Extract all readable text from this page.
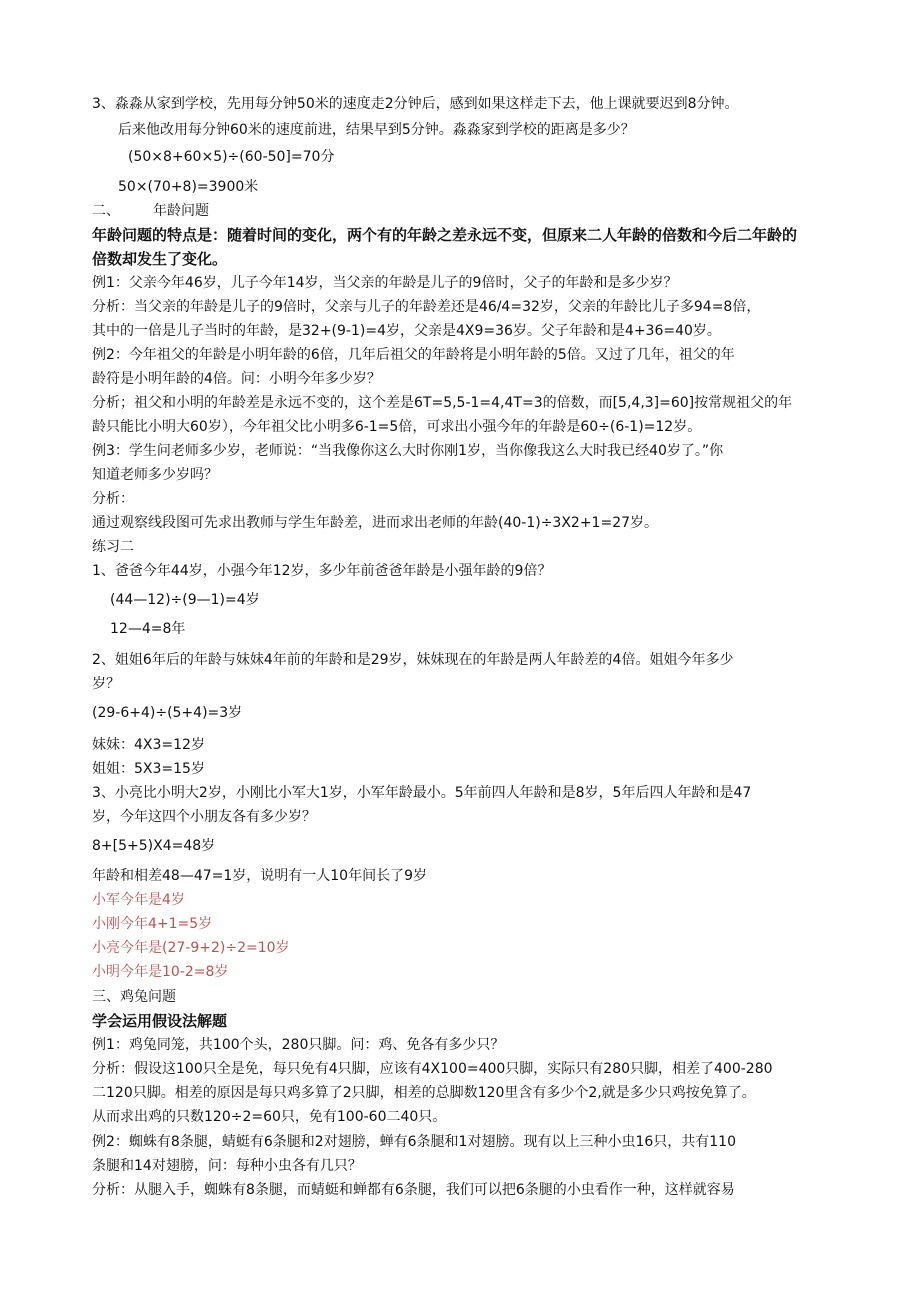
3、淼淼从家到学校，先用每分钟50米的速度走2分钟后，感到如果这样走下去，他上课就要迟到8分钟。
后来他改用每分钟60米的速度前进，结果早到5分钟。淼淼家到学校的距离是多少？
(50×8+60×5)÷(60-50]=70分
50×(70+8)=3900米
二、 年龄问题
年龄问题的特点是：随着时间的变化，两个有的年龄之差永远不变，但原来二人年龄的倍数和今后二年龄的
倍数却发生了变化。
例1：父亲今年46岁，儿子今年14岁，当父亲的年龄是儿子的9倍时，父子的年龄和是多少岁？
分析：当父亲的年龄是儿子的9倍时，父亲与儿子的年龄差还是46/4=32岁，父亲的年龄比儿子多94=8倍，
其中的一倍是儿子当时的年龄，是32+(9-1)=4岁，父亲是4X9=36岁。父子年龄和是4+36=40岁。
例2：今年祖父的年龄是小明年龄的6倍，几年后祖父的年龄将是小明年龄的5倍。又过了几年，祖父的年
龄符是小明年龄的4倍。问：小明今年多少岁？
分析；祖父和小明的年龄差是永远不变的，这个差是6T=5,5-1=4,4T=3的倍数，而[5,4,3]=60]按常规祖父的年
龄只能比小明大60岁），今年祖父比小明多6-1=5倍，可求出小强今年的年龄是60÷(6-1)=12岁。
例3：学生问老师多少岁，老师说：“当我像你这么大时你刚1岁，当你像我这么大时我已经40岁了。”你
知道老师多少岁吗？
分析：
通过观察线段图可先求出教师与学生年龄差，进而求出老师的年龄(40-1)÷3X2+1=27岁。
练习二
1、爸爸今年44岁，小强今年12岁，多少年前爸爸年龄是小强年龄的9倍？
(44—12)÷(9—1)=4岁
12—4=8年
2、姐姐6年后的年龄与妹妹4年前的年龄和是29岁，妹妹现在的年龄是两人年龄差的4倍。姐姐今年多少
岁？
(29-6+4)÷(5+4)=3岁
妹妹：4X3=12岁
姐姐：5X3=15岁
3、小亮比小明大2岁，小刚比小军大1岁，小军年龄最小。5年前四人年龄和是8岁，5年后四人年龄和是47
岁，今年这四个小朋友各有多少岁？
8+[5+5)X4=48岁
年龄和相差48—47=1岁，说明有一人10年间长了9岁
小军今年是4岁
小刚今年4+1=5岁
小亮今年是(27-9+2)÷2=10岁
小明今年是10-2=8岁
三、鸡兔问题
学会运用假设法解题
例1：鸡兔同笼，共100个头，280只脚。问：鸡、免各有多少只？
分析：假设这100只全是免，每只免有4只脚，应该有4X100=400只脚，实际只有280只脚，相差了400-280
二120只脚。相差的原因是每只鸡多算了2只脚，相差的总脚数120里含有多少个2,就是多少只鸡按免算了。
从而求出鸡的只数120÷2=60只，免有100-60二40只。
例2：蜘蛛有8条腿，蜻蜓有6条腿和2对翅膀，蝉有6条腿和1对翅膀。现有以上三种小虫16只，共有110
条腿和14对翅膀，问：每种小虫各有几只？
分析：从腿入手，蜘蛛有8条腿，而蜻蜓和蝉都有6条腿，我们可以把6条腿的小虫看作一种，这样就容易
